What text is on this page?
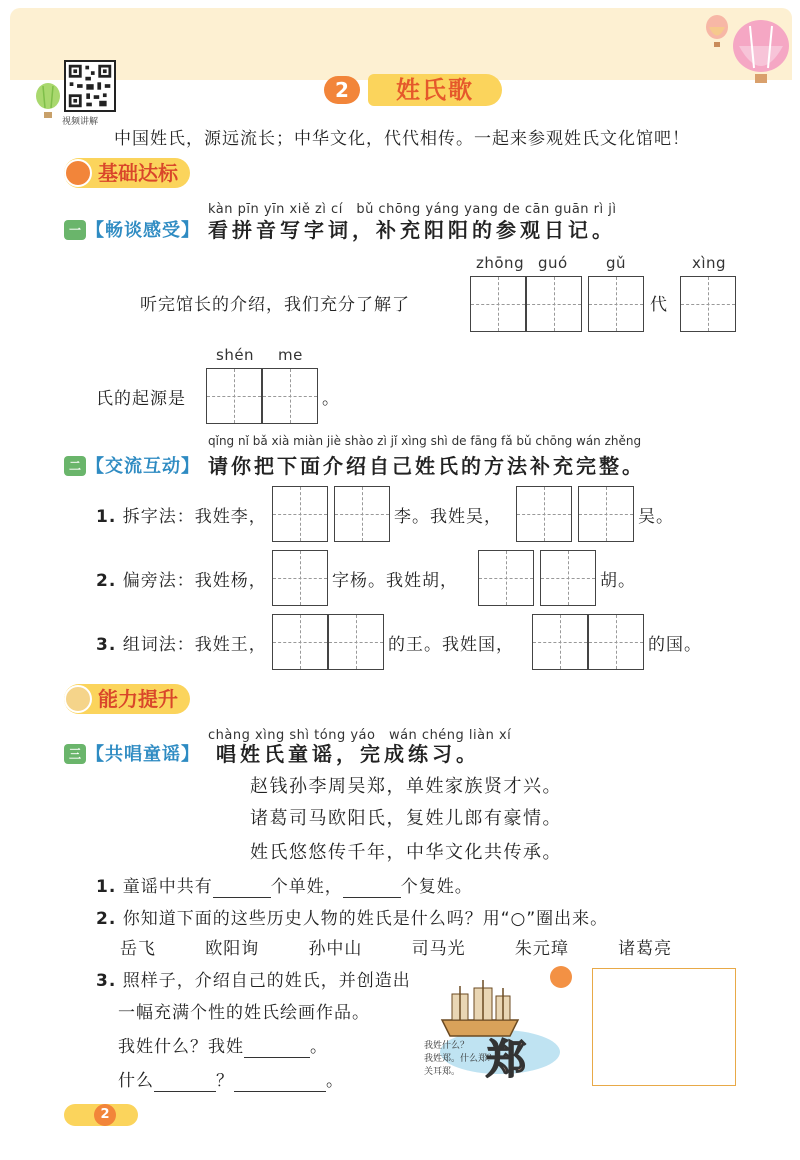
视频讲解
2	姓氏歌
中国姓氏，源远流长；中华文化，代代相传。一起来参观姓氏文化馆吧！
基础达标
kàn pīn yīn xiě zì cí　bǔ chōng yáng yang de cān guān rì jì
一 【畅谈感受】 看拼音写字词，补充阳阳的参观日记。
zhōng guó	gǔ	xìng
听完馆长的介绍，我们充分了解了	代
shén me
氏的起源是	。
qǐng nǐ bǎ xià miàn jiè shào zì jǐ xìng shì de fāng fǎ bǔ chōng wán zhěng
二 【交流互动】 请你把下面介绍自己姓氏的方法补充完整。
1. 拆字法：我姓李，	李。我姓吴，	吴。
2. 偏旁法：我姓杨，	字杨。我姓胡，	胡。
3. 组词法：我姓王，	的王。我姓国，	的国。
能力提升
chàng xìng shì tóng yáo　wán chéng liàn xí
三 【共唱童谣】 唱姓氏童谣，完成练习。
赵钱孙李周吴郑，单姓家族贤才兴。
诸葛司马欧阳氏，复姓儿郎有豪情。
姓氏悠悠传千年，中华文化共传承。
1. 童谣中共有	个单姓，	个复姓。
2. 你知道下面的这些历史人物的姓氏是什么吗？用“○”圈出来。
岳飞	欧阳询	孙中山	司马光	朱元璋	诸葛亮
3. 照样子，介绍自己的姓氏，并创造出
一幅充满个性的姓氏绘画作品。
我姓什么？我姓	。
什么	？	。	郑
我姓什么？
我姓郑。什么郑？
关耳郑。
2
